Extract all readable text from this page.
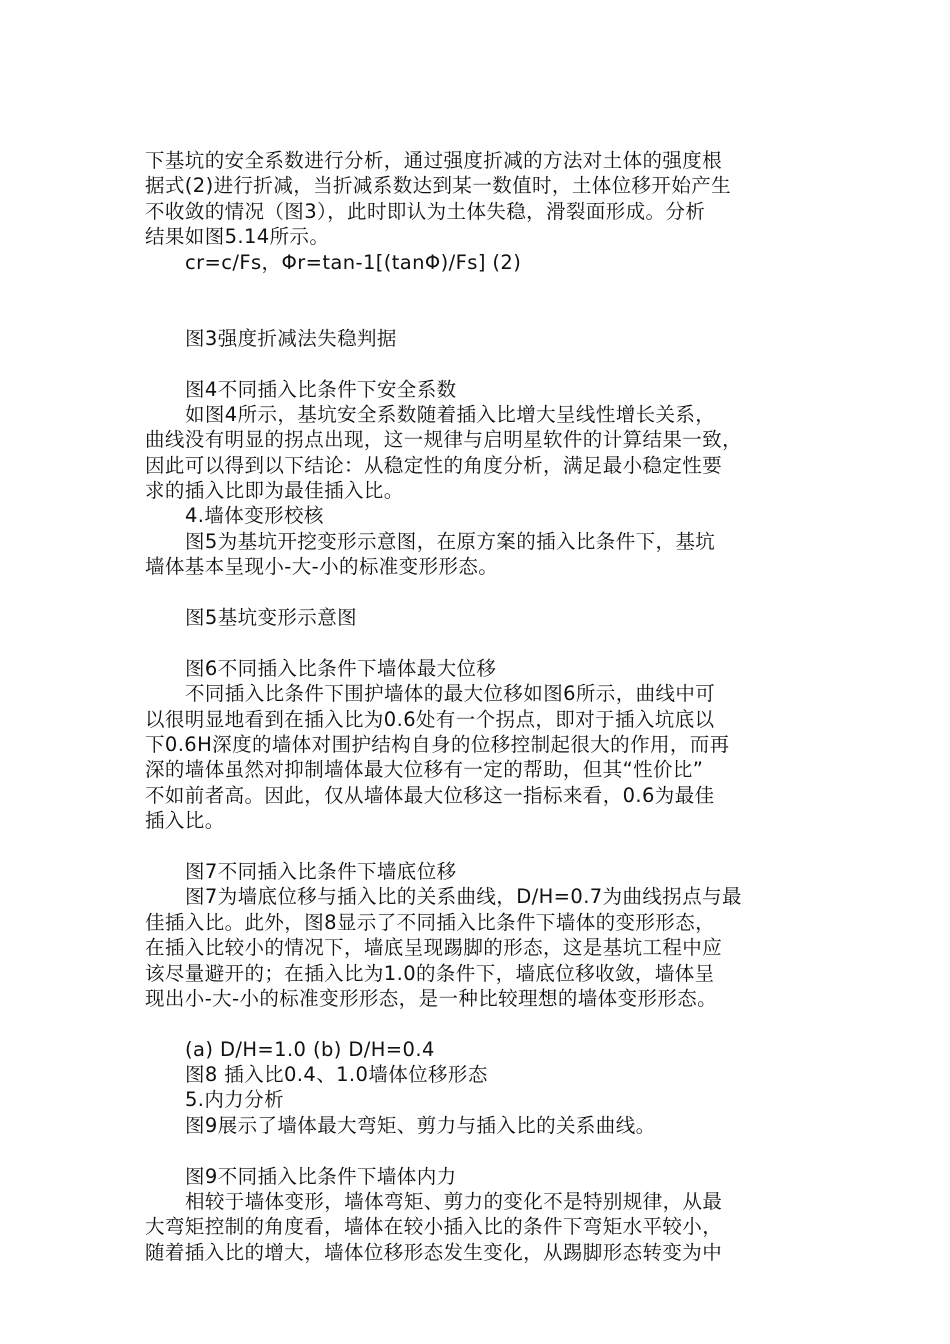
下基坑的安全系数进行分析，通过强度折减的方法对土体的强度根
据式(2)进行折减，当折减系数达到某一数值时，土体位移开始产生
不收敛的情况（图3），此时即认为土体失稳，滑裂面形成。分析
结果如图5.14所示。
cr=c/Fs，Φr=tan-1[(tanΦ)/Fs] (2)
图3强度折减法失稳判据
图4不同插入比条件下安全系数
如图4所示，基坑安全系数随着插入比增大呈线性增长关系，
曲线没有明显的拐点出现，这一规律与启明星软件的计算结果一致，
因此可以得到以下结论：从稳定性的角度分析，满足最小稳定性要
求的插入比即为最佳插入比。
4.墙体变形校核
图5为基坑开挖变形示意图，在原方案的插入比条件下，基坑
墙体基本呈现小-大-小的标准变形形态。
图5基坑变形示意图
图6不同插入比条件下墙体最大位移
不同插入比条件下围护墙体的最大位移如图6所示，曲线中可
以很明显地看到在插入比为0.6处有一个拐点，即对于插入坑底以
下0.6H深度的墙体对围护结构自身的位移控制起很大的作用，而再
深的墙体虽然对抑制墙体最大位移有一定的帮助，但其“性价比”
不如前者高。因此，仅从墙体最大位移这一指标来看，0.6为最佳
插入比。
图7不同插入比条件下墙底位移
图7为墙底位移与插入比的关系曲线，D/H=0.7为曲线拐点与最
佳插入比。此外，图8显示了不同插入比条件下墙体的变形形态，
在插入比较小的情况下，墙底呈现踢脚的形态，这是基坑工程中应
该尽量避开的；在插入比为1.0的条件下，墙底位移收敛，墙体呈
现出小-大-小的标准变形形态，是一种比较理想的墙体变形形态。
(a) D/H=1.0 (b) D/H=0.4
图8 插入比0.4、1.0墙体位移形态
5.内力分析
图9展示了墙体最大弯矩、剪力与插入比的关系曲线。
图9不同插入比条件下墙体内力
相较于墙体变形，墙体弯矩、剪力的变化不是特别规律，从最
大弯矩控制的角度看，墙体在较小插入比的条件下弯矩水平较小，
随着插入比的增大，墙体位移形态发生变化，从踢脚形态转变为中
